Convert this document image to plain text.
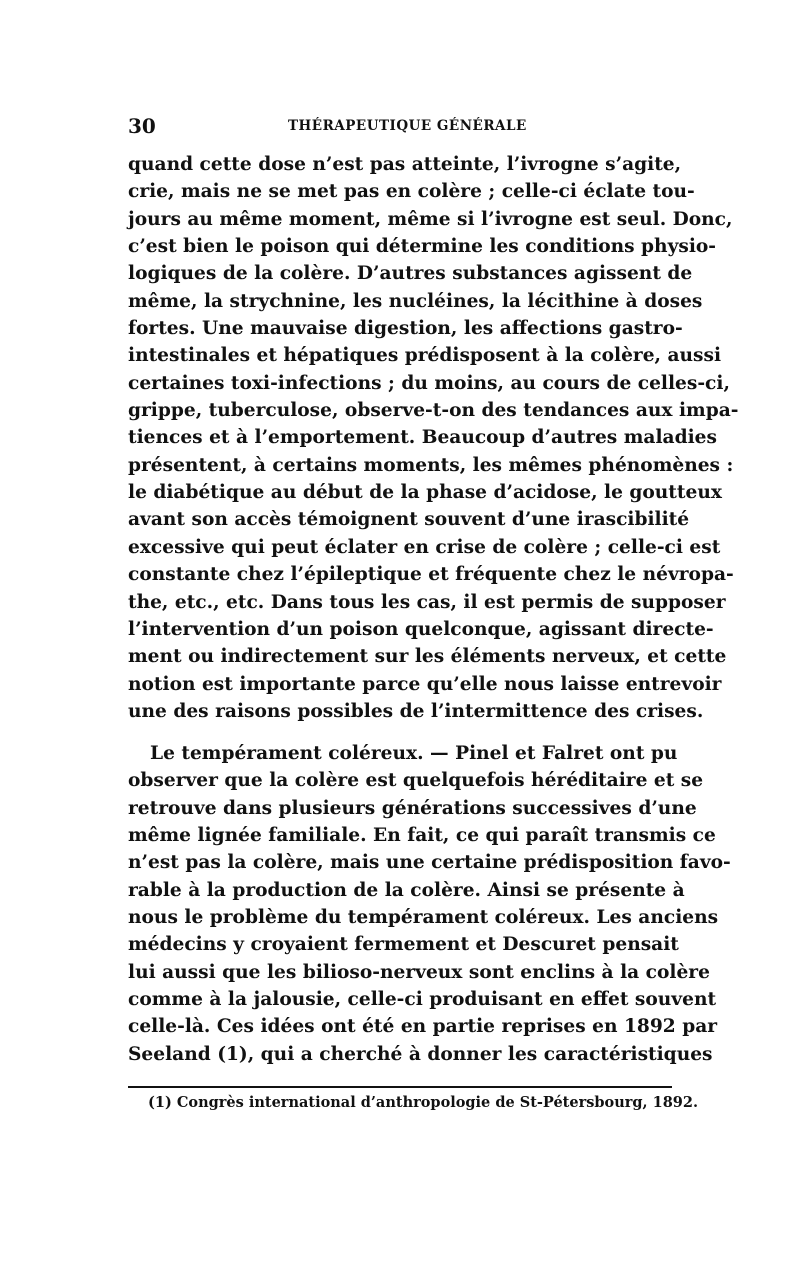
30	THÉRAPEUTIQUE GÉNÉRALE
quand cette dose n’est pas atteinte, l’ivrogne s’agite,
crie, mais ne se met pas en colère ; celle-ci éclate tou-
jours au même moment, même si l’ivrogne est seul. Donc,
c’est bien le poison qui détermine les conditions physio-
logiques de la colère. D’autres substances agissent de
même, la strychnine, les nucléines, la lécithine à doses
fortes. Une mauvaise digestion, les affections gastro-
intestinales et hépatiques prédisposent à la colère, aussi
certaines toxi-infections ; du moins, au cours de celles-ci,
grippe, tuberculose, observe-t-on des tendances aux impa-
tiences et à l’emportement. Beaucoup d’autres maladies
présentent, à certains moments, les mêmes phénomènes :
le diabétique au début de la phase d’acidose, le goutteux
avant son accès témoignent souvent d’une irascibilité
excessive qui peut éclater en crise de colère ; celle-ci est
constante chez l’épileptique et fréquente chez le névropa-
the, etc., etc. Dans tous les cas, il est permis de supposer
l’intervention d’un poison quelconque, agissant directe-
ment ou indirectement sur les éléments nerveux, et cette
notion est importante parce qu’elle nous laisse entrevoir
une des raisons possibles de l’intermittence des crises.
Le tempérament coléreux. — Pinel et Falret ont pu
observer que la colère est quelquefois héréditaire et se
retrouve dans plusieurs générations successives d’une
même lignée familiale. En fait, ce qui paraît transmis ce
n’est pas la colère, mais une certaine prédisposition favo-
rable à la production de la colère. Ainsi se présente à
nous le problème du tempérament coléreux. Les anciens
médecins y croyaient fermement et Descuret pensait
lui aussi que les bilioso-nerveux sont enclins à la colère
comme à la jalousie, celle-ci produisant en effet souvent
celle-là. Ces idées ont été en partie reprises en 1892 par
Seeland (1), qui a cherché à donner les caractéristiques
(1) Congrès international d’anthropologie de St-Pétersbourg, 1892.
